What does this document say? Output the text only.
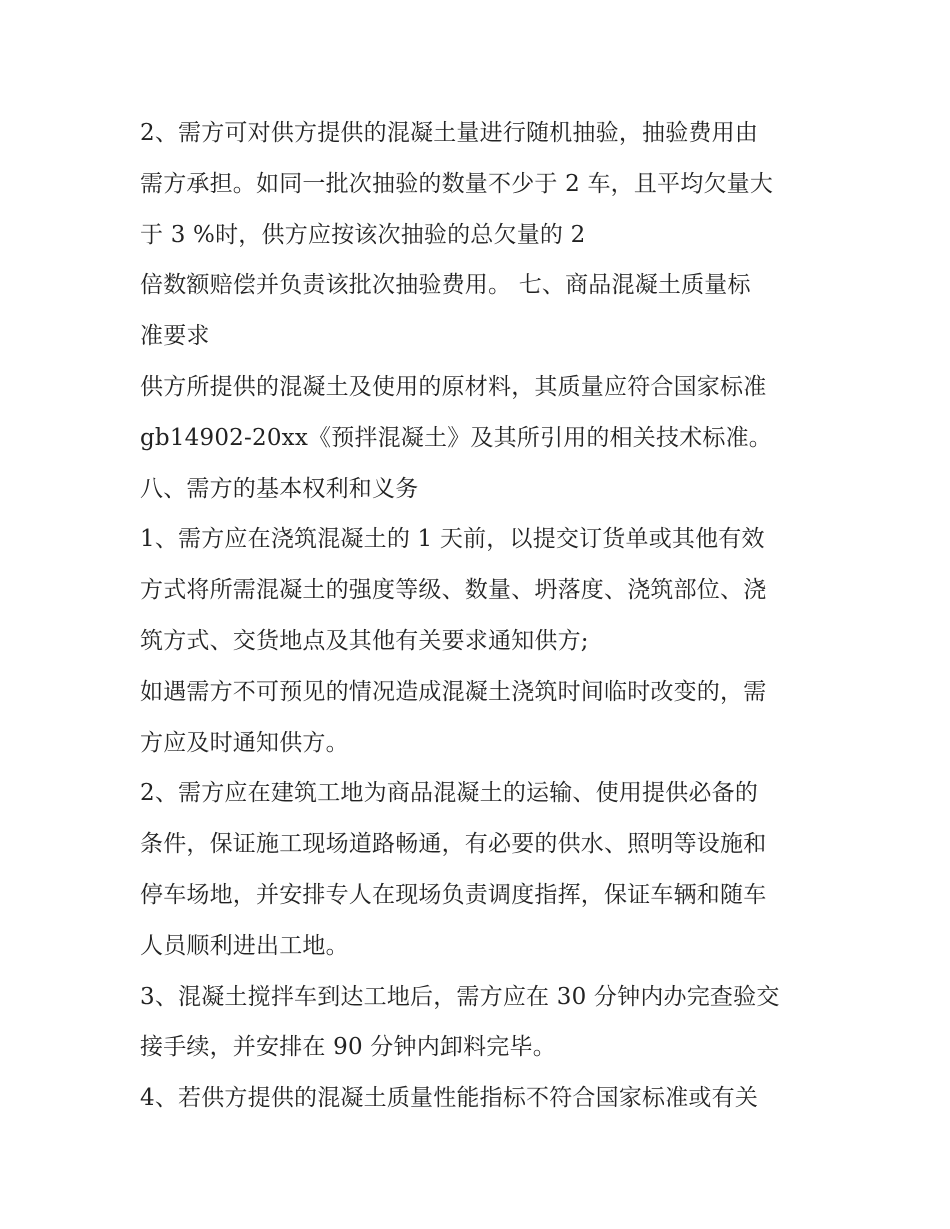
2、需方可对供方提供的混凝土量进行随机抽验，抽验费用由
需方承担。如同一批次抽验的数量不少于 2 车，且平均欠量大
于 3 %时，供方应按该次抽验的总欠量的 2
倍数额赔偿并负责该批次抽验费用。 七、商品混凝土质量标
准要求
供方所提供的混凝土及使用的原材料，其质量应符合国家标准
gb14902-20xx《预拌混凝土》及其所引用的相关技术标准。
八、需方的基本权利和义务
1、需方应在浇筑混凝土的 1 天前，以提交订货单或其他有效
方式将所需混凝土的强度等级、数量、坍落度、浇筑部位、浇
筑方式、交货地点及其他有关要求通知供方;
如遇需方不可预见的情况造成混凝土浇筑时间临时改变的，需
方应及时通知供方。
2、需方应在建筑工地为商品混凝土的运输、使用提供必备的
条件，保证施工现场道路畅通，有必要的供水、照明等设施和
停车场地，并安排专人在现场负责调度指挥，保证车辆和随车
人员顺利进出工地。
3、混凝土搅拌车到达工地后，需方应在 30 分钟内办完查验交
接手续，并安排在 90 分钟内卸料完毕。
4、若供方提供的混凝土质量性能指标不符合国家标准或有关
